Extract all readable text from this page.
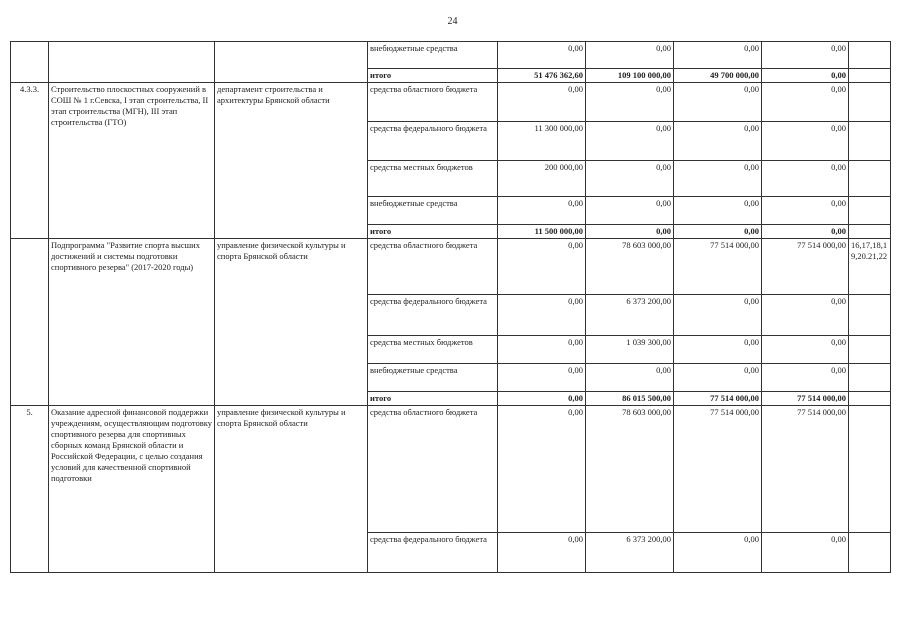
24
			внебюджетные средства	0,00	0,00	0,00	0,00	
			итого	51 476 362,60	109 100 000,00	49 700 000,00	0,00	
4.3.3.	Строительство плоскостных сооружений в СОШ № 1 г.Севска, I этап строительства, II этап строительства (МГН), III этап строительства (ГТО)	департамент строительства и архитектуры Брянской области	средства областного бюджета	0,00	0,00	0,00	0,00	
			средства федерального бюджета	11 300 000,00	0,00	0,00	0,00	
			средства местных бюджетов	200 000,00	0,00	0,00	0,00	
			внебюджетные средства	0,00	0,00	0,00	0,00	
			итого	11 500 000,00	0,00	0,00	0,00	
	Подпрограмма "Развитие спорта высших достижений и системы подготовки спортивного резерва" (2017-2020 годы)	управление физической культуры и спорта Брянской области	средства областного бюджета	0,00	78 603 000,00	77 514 000,00	77 514 000,00	16,17,18,19,20.21,22
			средства федерального бюджета	0,00	6 373 200,00	0,00	0,00	
			средства местных бюджетов	0,00	1 039 300,00	0,00	0,00	
			внебюджетные средства	0,00	0,00	0,00	0,00	
			итого	0,00	86 015 500,00	77 514 000,00	77 514 000,00	
5.	Оказание адресной финансовой поддержки учреждениям, осуществляющим подготовку спортивного резерва для спортивных сборных команд Брянской области и Российской Федерации, с целью создания условий для качественной спортивной подготовки	управление физической культуры и спорта Брянской области	средства областного бюджета	0,00	78 603 000,00	77 514 000,00	77 514 000,00	
			средства федерального бюджета	0,00	6 373 200,00	0,00	0,00	
